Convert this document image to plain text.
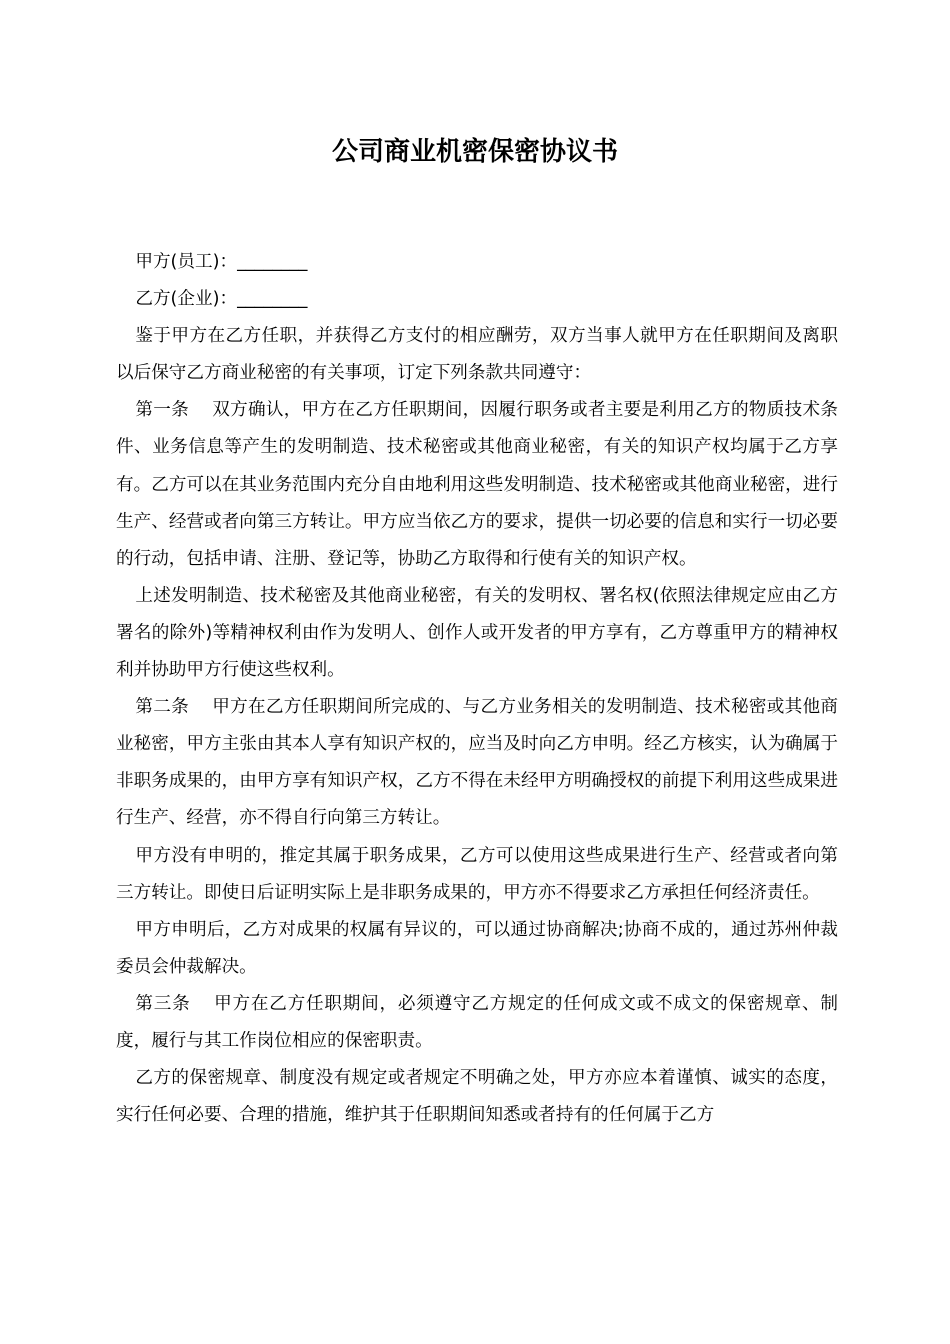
公司商业机密保密协议书

甲方(员工)：________

乙方(企业)：________

鉴于甲方在乙方任职，并获得乙方支付的相应酬劳，双方当事人就甲方在任职期间及离职以后保守乙方商业秘密的有关事项，订定下列条款共同遵守：

第一条 双方确认，甲方在乙方任职期间，因履行职务或者主要是利用乙方的物质技术条件、业务信息等产生的发明制造、技术秘密或其他商业秘密，有关的知识产权均属于乙方享有。乙方可以在其业务范围内充分自由地利用这些发明制造、技术秘密或其他商业秘密，进行生产、经营或者向第三方转让。甲方应当依乙方的要求，提供一切必要的信息和实行一切必要的行动，包括申请、注册、登记等，协助乙方取得和行使有关的知识产权。

上述发明制造、技术秘密及其他商业秘密，有关的发明权、署名权(依照法律规定应由乙方署名的除外)等精神权利由作为发明人、创作人或开发者的甲方享有，乙方尊重甲方的精神权利并协助甲方行使这些权利。

第二条 甲方在乙方任职期间所完成的、与乙方业务相关的发明制造、技术秘密或其他商业秘密，甲方主张由其本人享有知识产权的，应当及时向乙方申明。经乙方核实，认为确属于非职务成果的，由甲方享有知识产权，乙方不得在未经甲方明确授权的前提下利用这些成果进行生产、经营，亦不得自行向第三方转让。

甲方没有申明的，推定其属于职务成果，乙方可以使用这些成果进行生产、经营或者向第三方转让。即使日后证明实际上是非职务成果的，甲方亦不得要求乙方承担任何经济责任。

甲方申明后，乙方对成果的权属有异议的，可以通过协商解决;协商不成的，通过苏州仲裁委员会仲裁解决。

第三条 甲方在乙方任职期间，必须遵守乙方规定的任何成文或不成文的保密规章、制度，履行与其工作岗位相应的保密职责。

乙方的保密规章、制度没有规定或者规定不明确之处，甲方亦应本着谨慎、诚实的态度，实行任何必要、合理的措施，维护其于任职期间知悉或者持有的任何属于乙方
